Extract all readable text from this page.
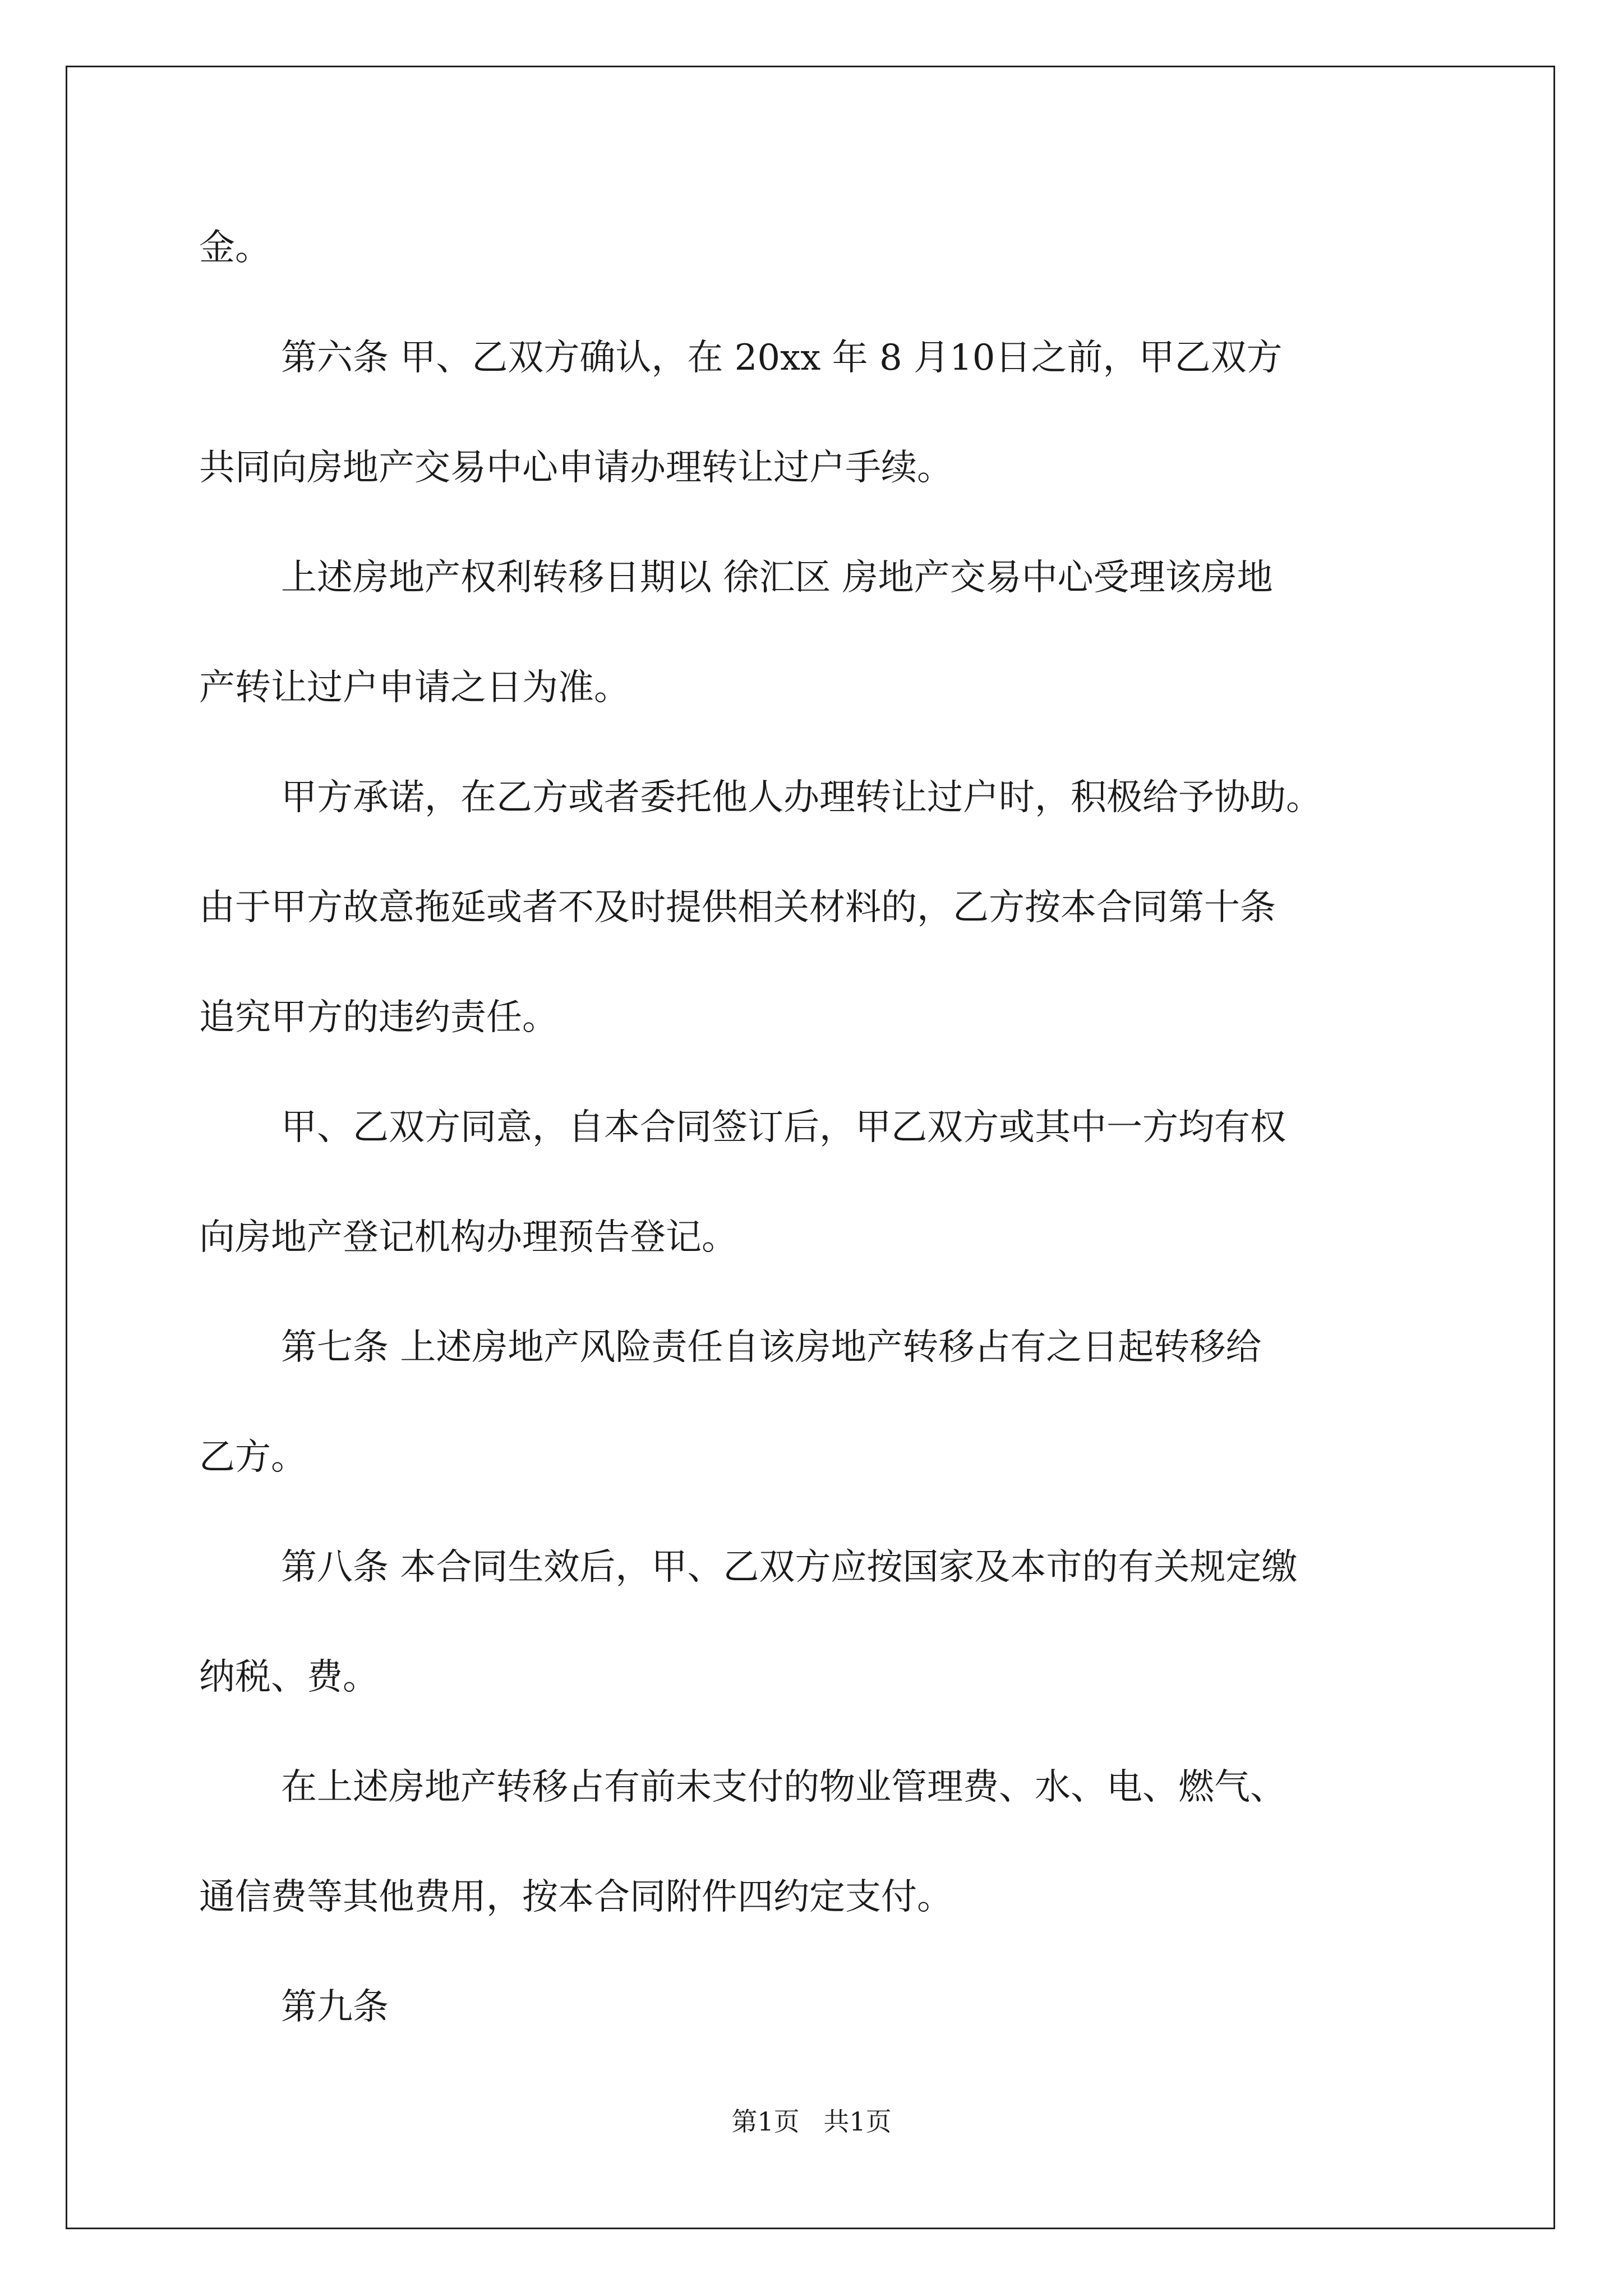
金。
第六条 甲、乙双方确认，在 20xx 年 8 月10日之前，甲乙双方
共同向房地产交易中心申请办理转让过户手续。
上述房地产权利转移日期以 徐汇区 房地产交易中心受理该房地
产转让过户申请之日为准。
甲方承诺，在乙方或者委托他人办理转让过户时，积极给予协助。
由于甲方故意拖延或者不及时提供相关材料的，乙方按本合同第十条
追究甲方的违约责任。
甲、乙双方同意，自本合同签订后，甲乙双方或其中一方均有权
向房地产登记机构办理预告登记。
第七条 上述房地产风险责任自该房地产转移占有之日起转移给
乙方。
第八条 本合同生效后，甲、乙双方应按国家及本市的有关规定缴
纳税、费。
在上述房地产转移占有前未支付的物业管理费、水、电、燃气、
通信费等其他费用，按本合同附件四约定支付。
第九条
第1页 共1页
